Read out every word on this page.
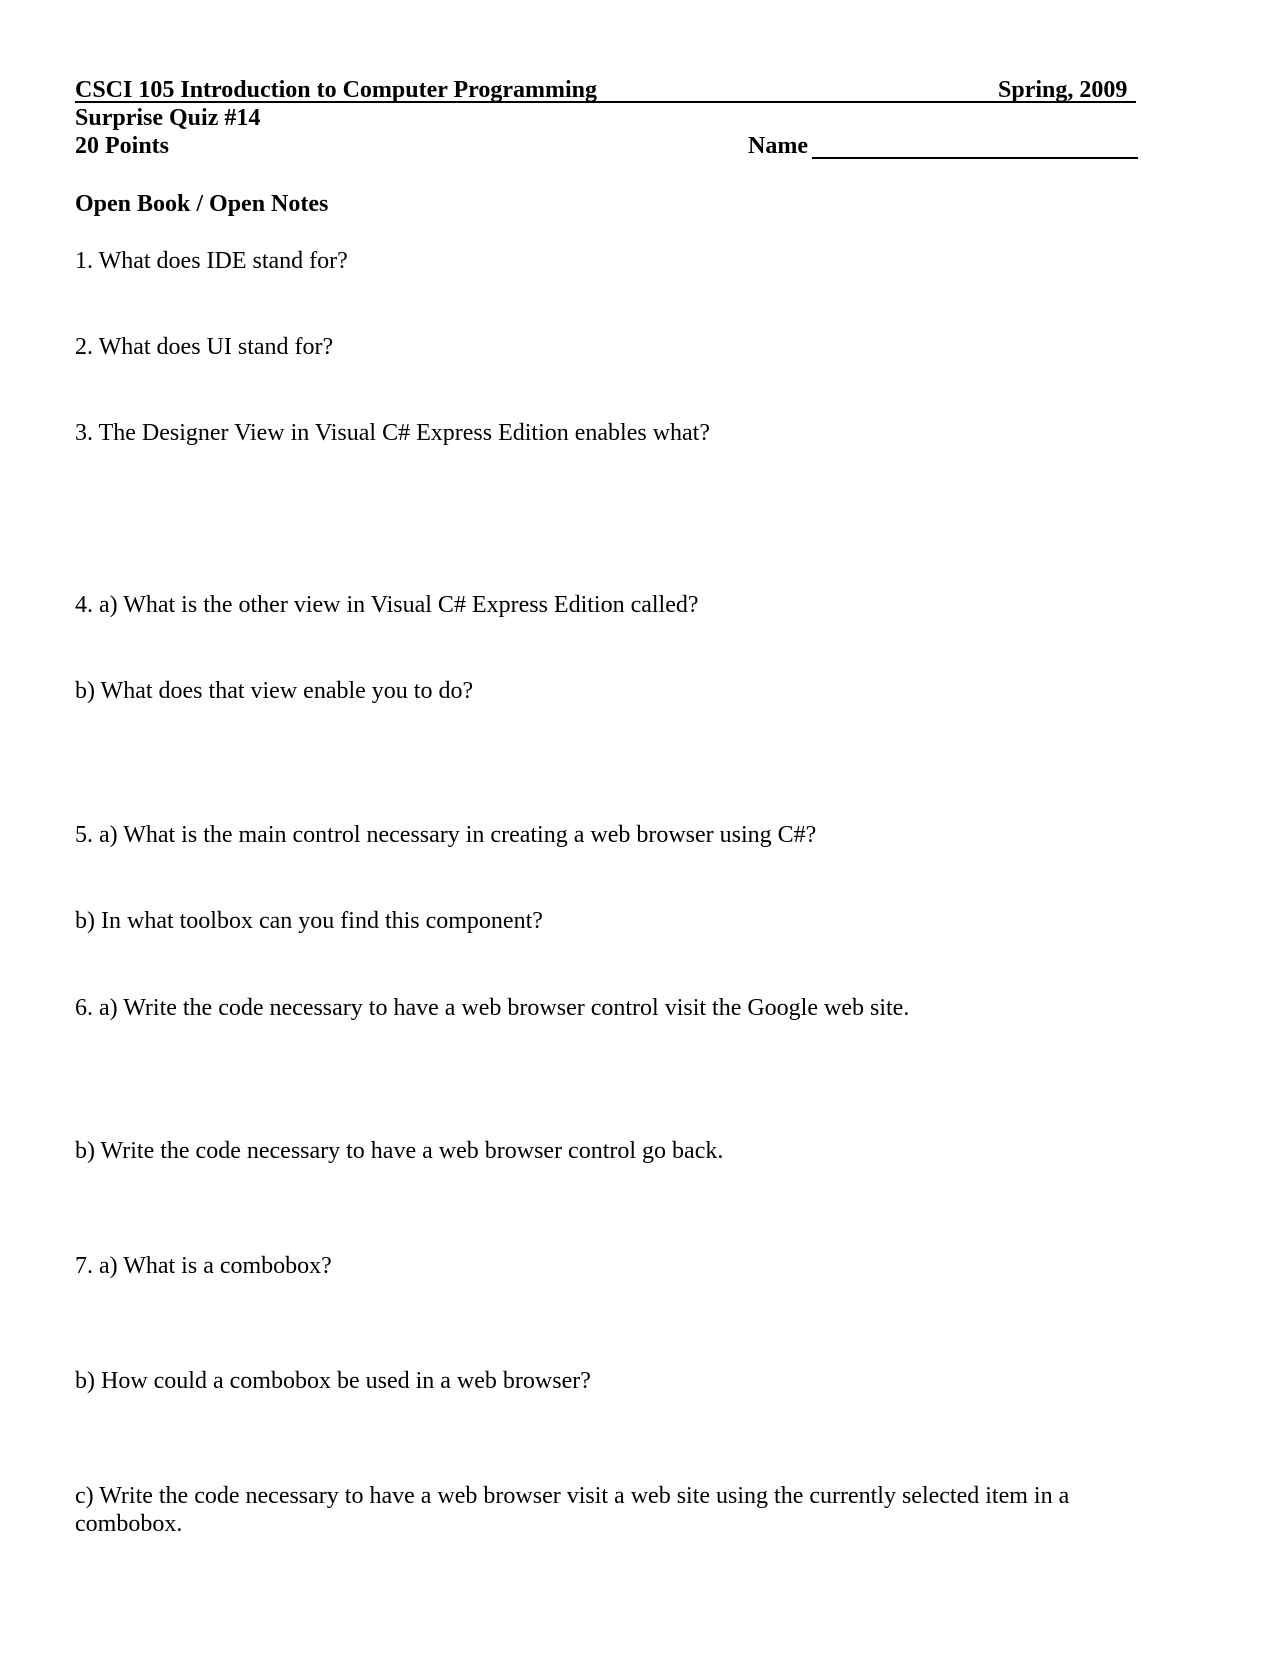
CSCI 105 Introduction to Computer Programming	Spring, 2009
Surprise Quiz #14
20 Points	Name
Open Book / Open Notes
1. What does IDE stand for?
2. What does UI stand for?
3. The Designer View in Visual C# Express Edition enables what?
4. a) What is the other view in Visual C# Express Edition called?
b) What does that view enable you to do?
5. a) What is the main control necessary in creating a web browser using C#?
b) In what toolbox can you find this component?
6. a) Write the code necessary to have a web browser control visit the Google web site.
b) Write the code necessary to have a web browser control go back.
7. a) What is a combobox?
b) How could a combobox be used in a web browser?
c) Write the code necessary to have a web browser visit a web site using the currently selected item in a combobox.
